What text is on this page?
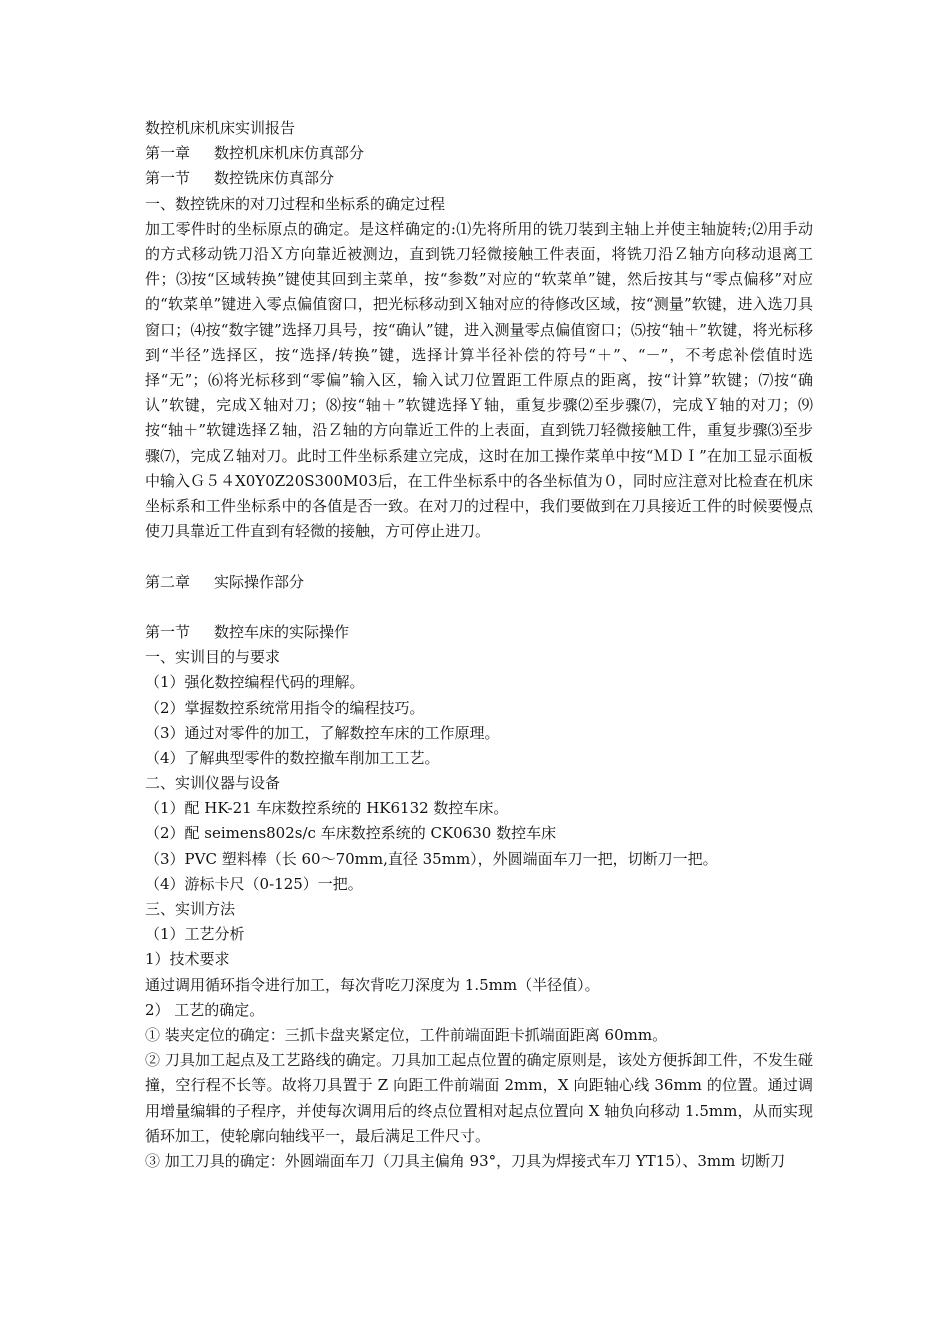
数控机床机床实训报告
第一章 数控机床机床仿真部分
第一节 数控铣床仿真部分
一、数控铣床的对刀过程和坐标系的确定过程

加工零件时的坐标原点的确定。是这样确定的:⑴先将所用的铣刀装到主轴上并使主轴旋转;⑵用手动的方式移动铣刀沿Ｘ方向靠近被测边，直到铣刀轻微接触工件表面，将铣刀沿Ｚ轴方向移动退离工件；⑶按“区域转换”键使其回到主菜单，按“参数”对应的“软菜单”键，然后按其与“零点偏移”对应的“软菜单”键进入零点偏值窗口，把光标移动到Ｘ轴对应的待修改区域，按“测量”软键，进入选刀具窗口；⑷按“数字键”选择刀具号，按“确认”键，进入测量零点偏值窗口；⑸按“轴＋”软键，将光标移到“半径”选择区，按“选择/转换”键，选择计算半径补偿的符号“＋”、“－”，不考虑补偿值时选择“无”；⑹将光标移到“零偏”输入区，输入试刀位置距工件原点的距离，按“计算”软键；⑺按“确认”软键，完成Ｘ轴对刀；⑻按“轴＋”软键选择Ｙ轴，重复步骤⑵至步骤⑺，完成Ｙ轴的对刀；⑼按“轴＋”软键选择Ｚ轴，沿Ｚ轴的方向靠近工件的上表面，直到铣刀轻微接触工件，重复步骤⑶至步骤⑺，完成Ｚ轴对刀。此时工件坐标系建立完成，这时在加工操作菜单中按“ＭＤＩ”在加工显示面板中输入Ｇ５４X0Y0Z20S300M03后，在工件坐标系中的各坐标值为０，同时应注意对比检查在机床坐标系和工件坐标系中的各值是否一致。在对刀的过程中，我们要做到在刀具接近工件的时候要慢点使刀具靠近工件直到有轻微的接触，方可停止进刀。

第二章 实际操作部分
第一节 数控车床的实际操作
一、实训目的与要求
（1）强化数控编程代码的理解。
（2）掌握数控系统常用指令的编程技巧。
（3）通过对零件的加工，了解数控车床的工作原理。
（4）了解典型零件的数控撤车削加工工艺。
二、实训仪器与设备
（1）配 HK-21 车床数控系统的 HK6132 数控车床。
（2）配 seimens802s/c 车床数控系统的 CK0630 数控车床
（3）PVC 塑料棒（长 60～70mm,直径 35mm），外圆端面车刀一把，切断刀一把。
（4）游标卡尺（0-125）一把。
三、实训方法
（1）工艺分析
1）技术要求
通过调用循环指令进行加工，每次背吃刀深度为 1.5mm（半径值）。
2） 工艺的确定。
① 装夹定位的确定：三抓卡盘夹紧定位，工件前端面距卡抓端面距离 60mm。

② 刀具加工起点及工艺路线的确定。刀具加工起点位置的确定原则是，该处方便拆卸工件，不发生碰撞，空行程不长等。故将刀具置于 Z 向距工件前端面 2mm，X 向距轴心线 36mm 的位置。通过调用增量编辑的子程序，并使每次调用后的终点位置相对起点位置向 X 轴负向移动 1.5mm，从而实现循环加工，使轮廓向轴线平一，最后满足工件尺寸。

③ 加工刀具的确定：外圆端面车刀（刀具主偏角 93°，刀具为焊接式车刀 YT15）、3mm 切断刀
